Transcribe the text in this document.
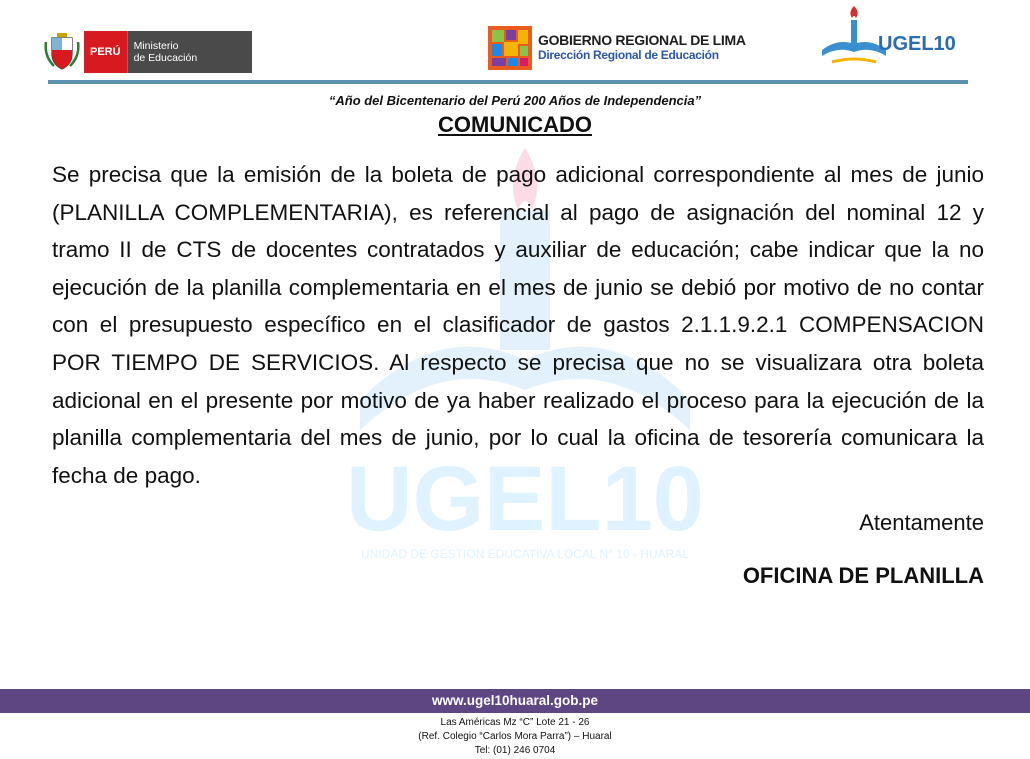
PERÚ	Ministerio
de Educación
GOBIERNO REGIONAL DE LIMA
Dirección Regional de Educación	UGEL10
“Año del Bicentenario del Perú 200 Años de Independencia”
COMUNICADO
UGEL10
UNIDAD DE GESTION EDUCATIVA LOCAL N° 10 - HUARAL
Se precisa que la emisión de la boleta de pago adicional correspondiente al mes de junio (PLANILLA COMPLEMENTARIA), es referencial al pago de asignación del nominal 12 y tramo II de CTS de docentes contratados y auxiliar de educación; cabe indicar que la no ejecución de la planilla complementaria en el mes de junio se debió por motivo de no contar con el presupuesto específico en el clasificador de gastos 2.1.1.9.2.1 COMPENSACION POR TIEMPO DE SERVICIOS. Al respecto se precisa que no se visualizara otra boleta adicional en el presente por motivo de ya haber realizado el proceso para la ejecución de la planilla complementaria del mes de junio, por lo cual la oficina de tesorería comunicara la fecha de pago.
Atentamente
OFICINA DE PLANILLA
www.ugel10huaral.gob.pe
Las Américas Mz “C” Lote 21 - 26
(Ref. Colegio “Carlos Mora Parra”) – Huaral
Tel: (01) 246 0704
